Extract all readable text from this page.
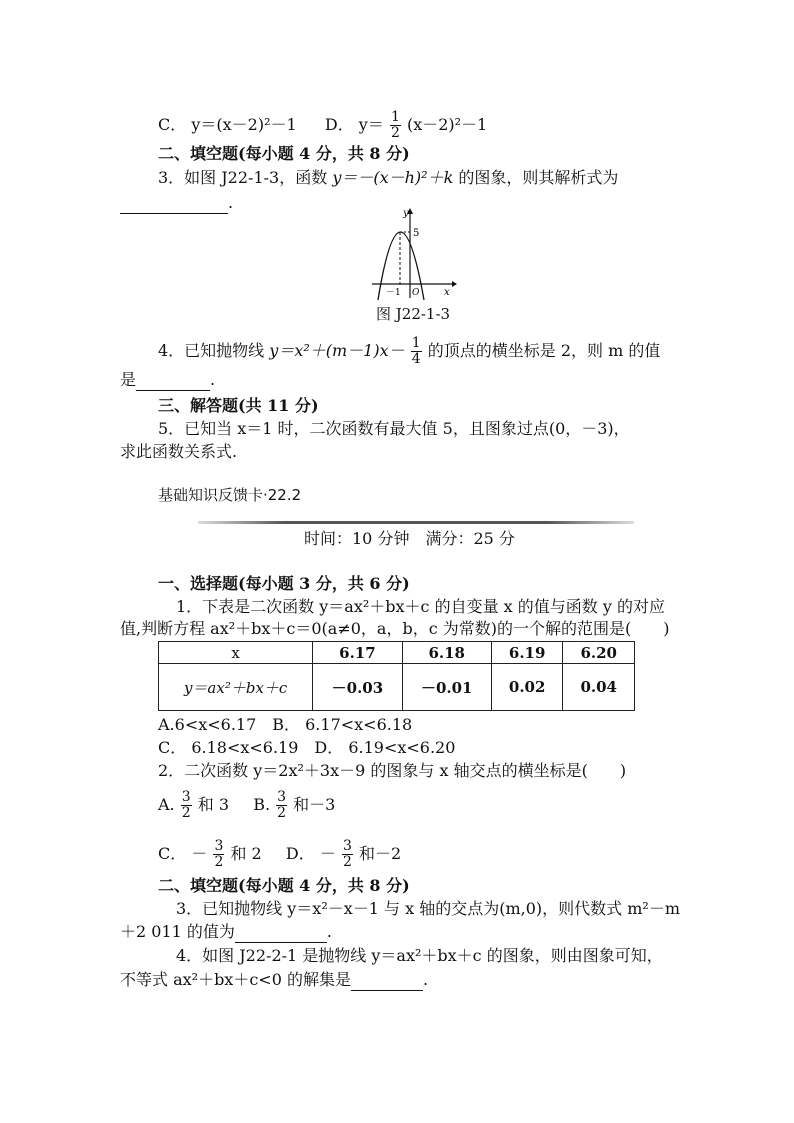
C． y＝(x－2)²－1 D． $y= \frac{1}{2} (x-2)^2-1$
二、填空题(每小题 4 分，共 8 分)
3．如图 J22-1-3，函数 y＝－(x－h)²＋k 的图象，则其解析式为
.
y
5
x
－1 O
图 J22-1-3
4．已知抛物线 $y=x^2+(m-1)x- \frac{1}{4}$ 的顶点的横坐标是 2，则 m 的值
是	.
三、解答题(共 11 分)
5．已知当 x＝1 时，二次函数有最大值 5，且图象过点(0，－3)，
求此函数关系式.
基础知识反馈卡·22.2
时间：10 分钟　满分：25 分
一、选择题(每小题 3 分，共 6 分)
1．下表是二次函数 y＝ax²＋bx＋c 的自变量 x 的值与函数 y 的对应
值,判断方程 ax²＋bx＋c＝0(a≠0，a，b，c 为常数)的一个解的范围是(　　)
x	6.17	6.18	6.19	6.20
y＝ax²＋bx＋c	－0.03	－0.01	0.02	0.04
A.6<x<6.17　B． 6.17<x<6.18
C． 6.18<x<6.19　D． 6.19<x<6.20
2．二次函数 y＝2x²＋3x－9 的图象与 x 轴交点的横坐标是(　　)
A. $\frac{3}{2}$ 和 3 B. $\frac{3}{2}$ 和－3
C． － $\frac{3}{2}$ 和 2 D． － $\frac{3}{2}$ 和－2
二、填空题(每小题 4 分，共 8 分)
3．已知抛物线 y＝x²－x－1 与 x 轴的交点为(m,0)，则代数式 m²－m
＋2 011 的值为	.
4．如图 J22-2-1 是抛物线 y＝ax²＋bx＋c 的图象，则由图象可知，
不等式 ax²＋bx＋c<0 的解集是	.
